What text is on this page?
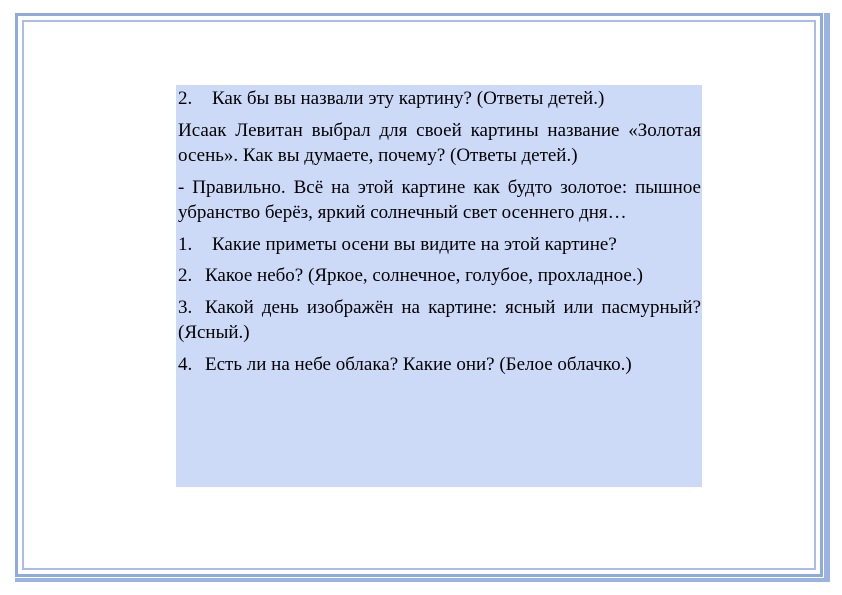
2. Как бы вы назвали эту картину? (Ответы детей.)

Исаак Левитан выбрал для своей картины название «Золотая осень». Как вы думаете, почему? (Ответы детей.)

- Правильно. Всё на этой картине как будто золотое: пышное убранство берёз, яркий солнечный свет осеннего дня…

1. Какие приметы осени вы видите на этой картине?

2. Какое небо? (Яркое, солнечное, голубое, прохладное.)

3. Какой день изображён на картине: ясный или пасмурный? (Ясный.)

4. Есть ли на небе облака? Какие они? (Белое облачко.)
